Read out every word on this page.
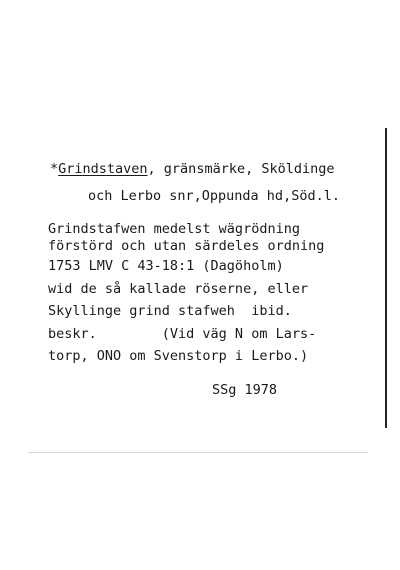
*Grindstaven, gränsmärke, Sköldinge
och Lerbo snr,Oppunda hd,Söd.l.
Grindstafwen medelst wägrödning
förstörd och utan särdeles ordning
1753 LMV C 43-18:1 (Dagöholm)
wid de så kallade röserne, eller
Skyllinge grind stafweh  ibid.
beskr.        (Vid väg N om Lars-
torp, ONO om Svenstorp i Lerbo.)
SSg 1978
